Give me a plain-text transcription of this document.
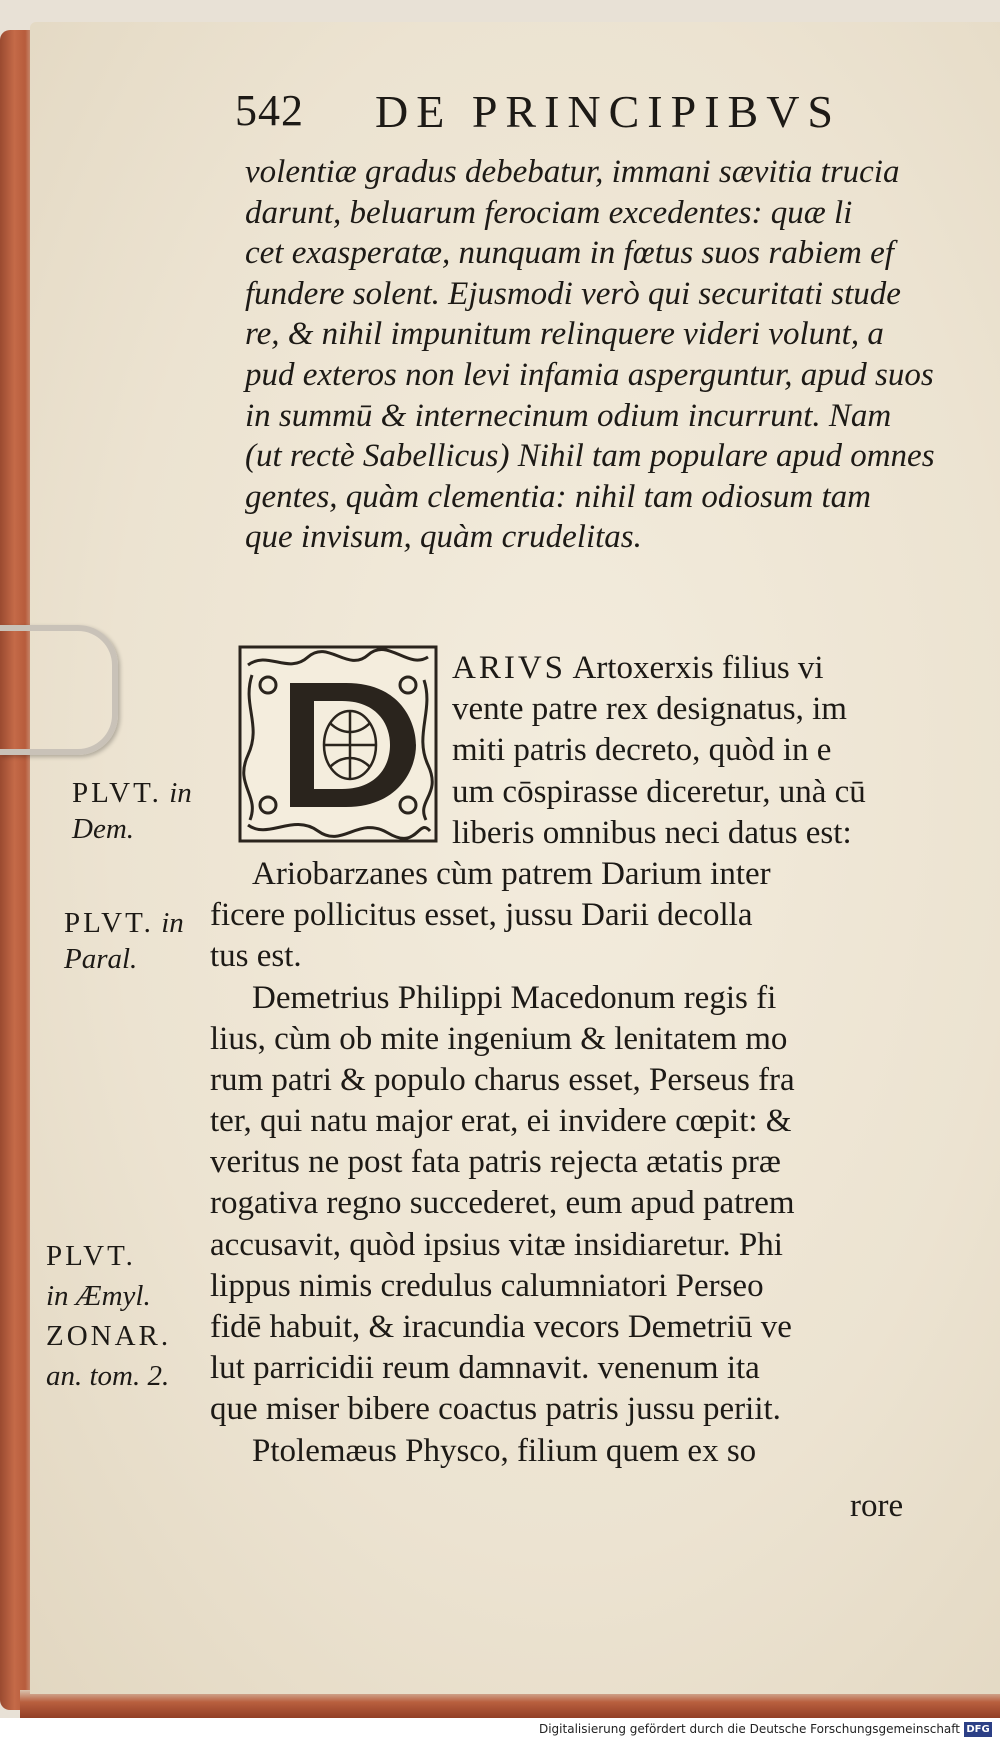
542 DE PRINCIPIBVS
volentiæ gradus debebatur, immani sævitia trucia
darunt, beluarum ferociam excedentes: quæ li
cet exasperatæ, nunquam in fœtus suos rabiem ef
fundere solent. Ejusmodi verò qui securitati stude
re, & nihil impunitum relinquere videri volunt, a
pud exteros non levi infamia asperguntur, apud suos
in summū & internecinum odium incurrunt. Nam
(ut rectè Sabellicus) Nihil tam populare apud omnes
gentes, quàm clementia: nihil tam odiosum tam
que invisum, quàm crudelitas.
ARIVS Artoxerxis filius vi
vente patre rex designatus, im
miti patris decreto, quòd in e
um cōspirasse diceretur, unà cū
liberis omnibus neci datus est:
Ariobarzanes cùm patrem Darium inter
ficere pollicitus esset, jussu Darii decolla
tus est.
Demetrius Philippi Macedonum regis fi
lius, cùm ob mite ingenium & lenitatem mo
rum patri & populo charus esset, Perseus fra
ter, qui natu major erat, ei invidere cœpit: &
veritus ne post fata patris rejecta ætatis præ
rogativa regno succederet, eum apud patrem
accusavit, quòd ipsius vitæ insidiaretur. Phi
lippus nimis credulus calumniatori Perseo
fidē habuit, & iracundia vecors Demetriū ve
lut parricidii reum damnavit. venenum ita
que miser bibere coactus patris jussu periit.
Ptolemæus Physco, filium quem ex so
PLVT. in
Dem.
PLVT. in
Paral.
PLVT.
in Æmyl.
ZONAR.
an. tom. 2.
rore
Digitalisierung gefördert durch die Deutsche Forschungsgemeinschaft DFG
